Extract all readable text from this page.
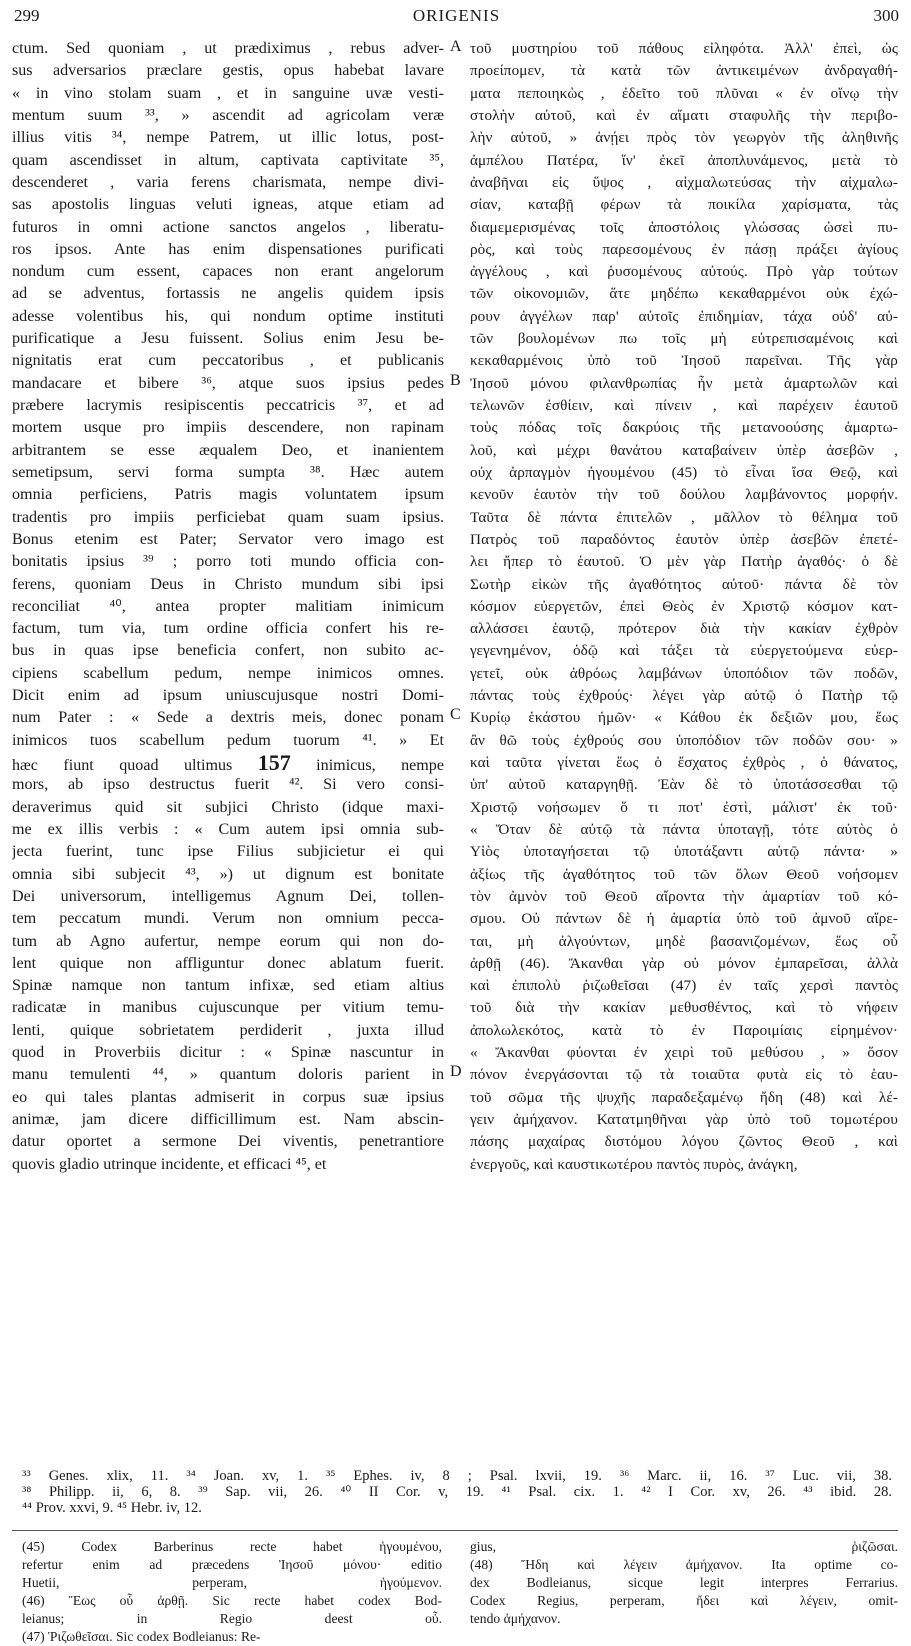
299	ORIGENIS	300
ctum. Sed quoniam , ut prædiximus , rebus adver-
sus adversarios præclare gestis, opus habebat lavare
« in vino stolam suam , et in sanguine uvæ vesti-
mentum suum ³³, » ascendit ad agricolam veræ
illius vitis ³⁴, nempe Patrem, ut illic lotus, post-
quam ascendisset in altum, captivata captivitate ³⁵,
descenderet , varia ferens charismata, nempe divi-
sas apostolis linguas veluti igneas, atque etiam ad
futuros in omni actione sanctos angelos , liberatu-
ros ipsos. Ante has enim dispensationes purificati
nondum cum essent, capaces non erant angelorum
ad se adventus, fortassis ne angelis quidem ipsis
adesse volentibus his, qui nondum optime instituti
purificatique a Jesu fuissent. Solius enim Jesu be-
nignitatis erat cum peccatoribus , et publicanis
mandacare et bibere ³⁶, atque suos ipsius pedes
præbere lacrymis resipiscentis peccatricis ³⁷, et ad
mortem usque pro impiis descendere, non rapinam
arbitrantem se esse æqualem Deo, et inanientem
semetipsum, servi forma sumpta ³⁸. Hæc autem
omnia perficiens, Patris magis voluntatem ipsum
tradentis pro impiis perficiebat quam suam ipsius.
Bonus etenim est Pater; Servator vero imago est
bonitatis ipsius ³⁹ ; porro toti mundo officia con-
ferens, quoniam Deus in Christo mundum sibi ipsi
reconciliat ⁴⁰, antea propter malitiam inimicum
factum, tum via, tum ordine officia confert his re-
bus in quas ipse beneficia confert, non subito ac-
cipiens scabellum pedum, nempe inimicos omnes.
Dicit enim ad ipsum uniuscujusque nostri Domi-
num Pater : « Sede a dextris meis, donec ponam
inimicos tuos scabellum pedum tuorum ⁴¹. » Et
hæc fiunt quoad ultimus 157 inimicus, nempe
mors, ab ipso destructus fuerit ⁴². Si vero consi-
deraverimus quid sit subjici Christo (idque maxi-
me ex illis verbis : « Cum autem ipsi omnia sub-
jecta fuerint, tunc ipse Filius subjicietur ei qui
omnia sibi subjecit ⁴³, ») ut dignum est bonitate
Dei universorum, intelligemus Agnum Dei, tollen-
tem peccatum mundi. Verum non omnium pecca-
tum ab Agno aufertur, nempe eorum qui non do-
lent quique non affliguntur donec ablatum fuerit.
Spinæ namque non tantum infixæ, sed etiam altius
radicatæ in manibus cujuscunque per vitium temu-
lenti, quique sobrietatem perdiderit , juxta illud
quod in Proverbiis dicitur : « Spinæ nascuntur in
manu temulenti ⁴⁴, » quantum doloris parient in
eo qui tales plantas admiserit in corpus suæ ipsius
animæ, jam dicere difficillimum est. Nam abscin-
datur oportet a sermone Dei viventis, penetrantiore
quovis gladio utrinque incidente, et efficaci ⁴⁵, et
τοῦ μυστηρίου τοῦ πάθους εἰληφότα. Ἀλλ' ἐπεὶ, ὡς
προείπομεν, τὰ κατὰ τῶν ἀντικειμένων ἀνδραγαθή-
ματα πεποιηκὼς , ἐδεῖτο τοῦ πλῦναι « ἐν οἴνῳ τὴν
στολὴν αὐτοῦ, καὶ ἐν αἵματι σταφυλῆς τὴν περιβο-
λὴν αὐτοῦ, » ἀνῄει πρὸς τὸν γεωργὸν τῆς ἀληθινῆς
ἀμπέλου Πατέρα, ἵν' ἐκεῖ ἀποπλυνάμενος, μετὰ τὸ
ἀναβῆναι εἰς ὕψος , αἰχμαλωτεύσας τὴν αἰχμαλω-
σίαν, καταβῇ φέρων τὰ ποικίλα χαρίσματα, τὰς
διαμεμερισμένας τοῖς ἀποστόλοις γλώσσας ὡσεὶ πυ-
ρὸς, καὶ τοὺς παρεσομένους ἐν πάσῃ πράξει ἁγίους
ἀγγέλους , καὶ ῥυσομένους αὐτούς. Πρὸ γὰρ τούτων
τῶν οἰκονομιῶν, ἅτε μηδέπω κεκαθαρμένοι οὐκ ἐχώ-
ρουν ἀγγέλων παρ' αὐτοῖς ἐπιδημίαν, τάχα οὐδ' αὐ-
τῶν βουλομένων πω τοῖς μὴ εὐτρεπισαμένοις καὶ
κεκαθαρμένοις ὑπὸ τοῦ Ἰησοῦ παρεῖναι. Τῆς γὰρ
Ἰησοῦ μόνου φιλανθρωπίας ἦν μετὰ ἁμαρτωλῶν καὶ
τελωνῶν ἐσθίειν, καὶ πίνειν , καὶ παρέχειν ἑαυτοῦ
τοὺς πόδας τοῖς δακρύοις τῆς μετανοούσης ἁμαρτω-
λοῦ, καὶ μέχρι θανάτου καταβαίνειν ὑπὲρ ἀσεβῶν ,
οὐχ ἁρπαγμὸν ἡγουμένου (45) τὸ εἶναι ἴσα Θεῷ, καὶ
κενοῦν ἑαυτὸν τὴν τοῦ δούλου λαμβάνοντος μορφήν.
Ταῦτα δὲ πάντα ἐπιτελῶν , μᾶλλον τὸ θέλημα τοῦ
Πατρὸς τοῦ παραδόντος ἑαυτὸν ὑπὲρ ἀσεβῶν ἐπετέ-
λει ἤπερ τὸ ἑαυτοῦ. Ὁ μὲν γὰρ Πατὴρ ἀγαθός· ὁ δὲ
Σωτὴρ εἰκὼν τῆς ἀγαθότητος αὐτοῦ· πάντα δὲ τὸν
κόσμον εὐεργετῶν, ἐπεὶ Θεὸς ἐν Χριστῷ κόσμον κατ-
αλλάσσει ἑαυτῷ, πρότερον διὰ τὴν κακίαν ἐχθρὸν
γεγενημένον, ὁδῷ καὶ τάξει τὰ εὐεργετούμενα εὐερ-
γετεῖ, οὐκ ἀθρόως λαμβάνων ὑποπόδιον τῶν ποδῶν,
πάντας τοὺς ἐχθρούς· λέγει γὰρ αὐτῷ ὁ Πατὴρ τῷ
Κυρίῳ ἑκάστου ἡμῶν· « Κάθου ἐκ δεξιῶν μου, ἕως
ἂν θῶ τοὺς ἐχθρούς σου ὑποπόδιον τῶν ποδῶν σου· »
καὶ ταῦτα γίνεται ἕως ὁ ἔσχατος ἐχθρὸς , ὁ θάνατος,
ὑπ' αὐτοῦ καταργηθῇ. Ἐὰν δὲ τὸ ὑποτάσσεσθαι τῷ
Χριστῷ νοήσωμεν ὅ τι ποτ' ἐστὶ, μάλιστ' ἐκ τοῦ·
« Ὅταν δὲ αὐτῷ τὰ πάντα ὑποταγῇ, τότε αὐτὸς ὁ
Υἱὸς ὑποταγήσεται τῷ ὑποτάξαντι αὐτῷ πάντα· »
ἀξίως τῆς ἀγαθότητος τοῦ τῶν ὅλων Θεοῦ νοήσομεν
τὸν ἀμνὸν τοῦ Θεοῦ αἴροντα τὴν ἁμαρτίαν τοῦ κό-
σμου. Οὐ πάντων δὲ ἡ ἁμαρτία ὑπὸ τοῦ ἀμνοῦ αἴρε-
ται, μὴ ἀλγούντων, μηδὲ βασανιζομένων, ἕως οὗ
ἀρθῇ (46). Ἄκανθαι γὰρ οὐ μόνον ἐμπαρεῖσαι, ἀλλὰ
καὶ ἐπιπολὺ ῥιζωθεῖσαι (47) ἐν ταῖς χερσὶ παντὸς
τοῦ διὰ τὴν κακίαν μεθυσθέντος, καὶ τὸ νήφειν
ἀπολωλεκότος, κατὰ τὸ ἐν Παροιμίαις εἰρημένον·
« Ἄκανθαι φύονται ἐν χειρὶ τοῦ μεθύσου , » ὅσον
πόνον ἐνεργάσονται τῷ τὰ τοιαῦτα φυτὰ εἰς τὸ ἑαυ-
τοῦ σῶμα τῆς ψυχῆς παραδεξαμένῳ ἤδη (48) καὶ λέ-
γειν ἀμήχανον. Κατατμηθῆναι γὰρ ὑπὸ τοῦ τομωτέρου
πάσης μαχαίρας διστόμου λόγου ζῶντος Θεοῦ , καὶ
ἐνεργοῦς, καὶ καυστικωτέρου παντὸς πυρὸς, ἀνάγκη,
A
B
C
D
³³ Genes. xlix, 11. ³⁴ Joan. xv, 1. ³⁵ Ephes. iv, 8 ; Psal. lxvii, 19. ³⁶ Marc. ii, 16. ³⁷ Luc. vii, 38.
³⁸ Philipp. ii, 6, 8. ³⁹ Sap. vii, 26. ⁴⁰ II Cor. v, 19. ⁴¹ Psal. cix. 1. ⁴² I Cor. xv, 26. ⁴³ ibid. 28.
⁴⁴ Prov. xxvi, 9. ⁴⁵ Hebr. iv, 12.
(45) Codex Barberinus recte habet ἡγουμένου,
refertur enim ad præcedens Ἰησοῦ μόνου· editio
Huetii, perperam, ἡγούμενον.
(46) Ἕως οὗ ἀρθῇ. Sic recte habet codex Bod-
leianus; in Regio deest οὗ.
(47) Ῥιζωθεῖσαι. Sic codex Bodleianus: Re-
gius, ῥιζῶσαι.
(48) Ἤδη καὶ λέγειν ἀμήχανον. Ita optime co-
dex Bodleianus, sicque legit interpres Ferrarius.
Codex Regius, perperam, ἤδει καὶ λέγειν, omit-
tendo ἀμήχανον.
